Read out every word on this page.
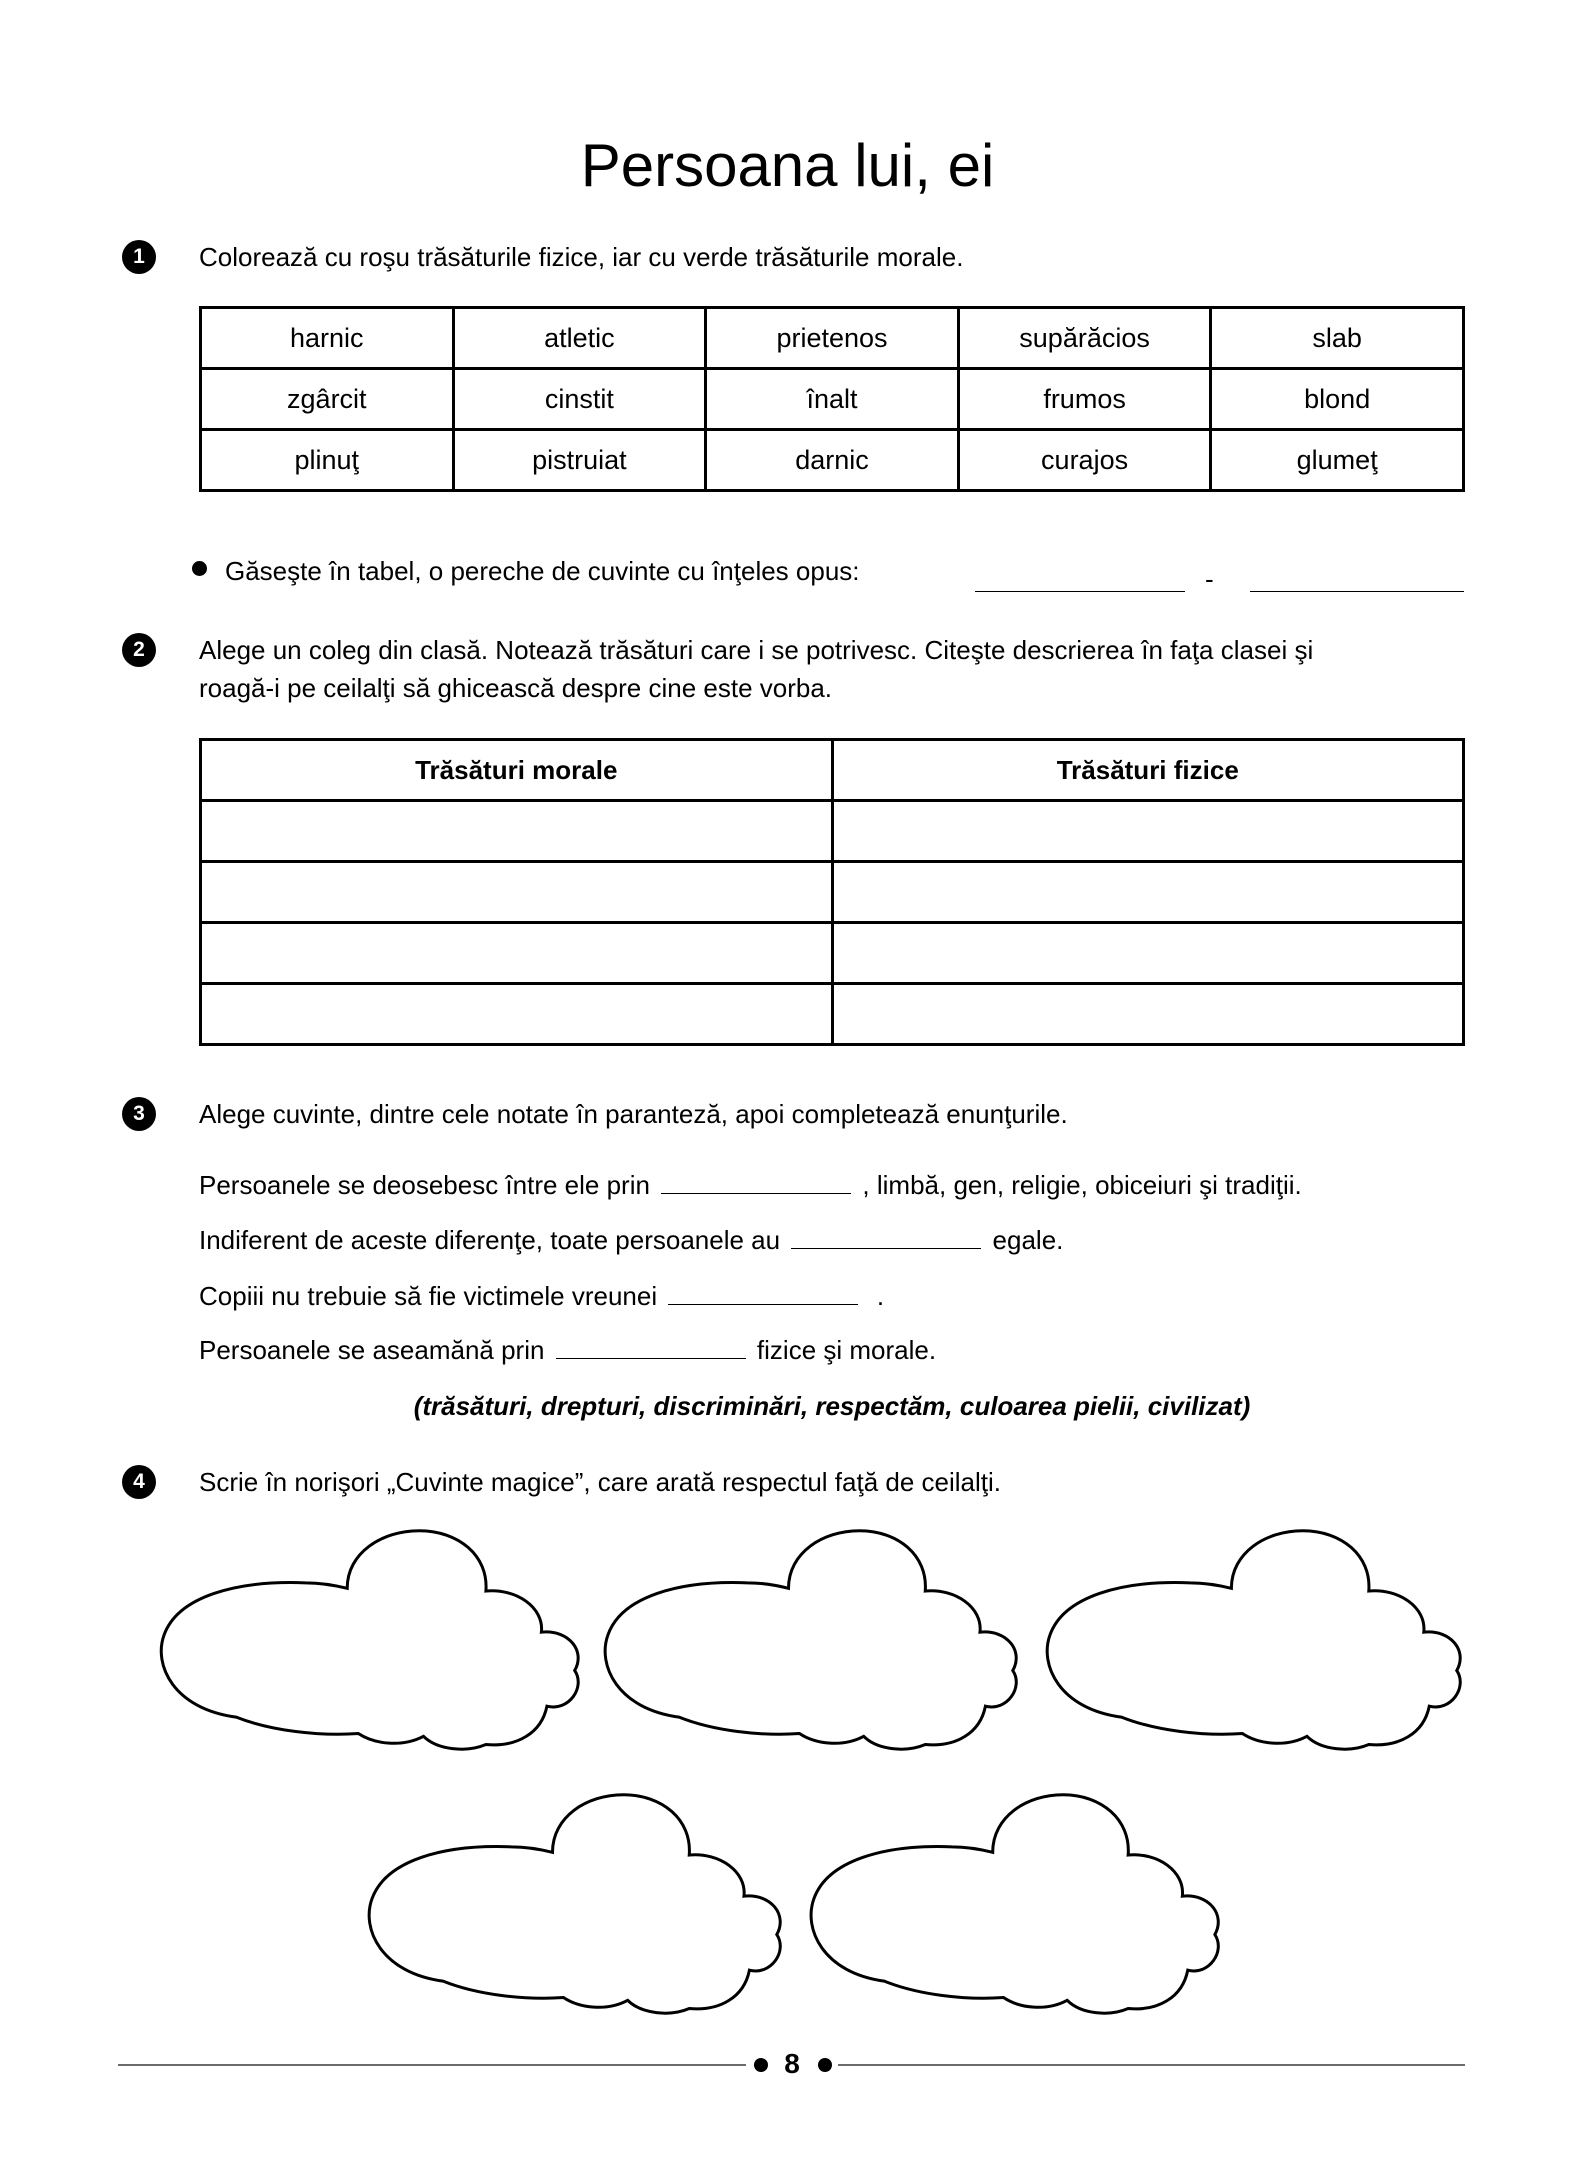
Persoana lui, ei
1	Colorează cu roşu trăsăturile fizice, iar cu verde trăsăturile morale.
harnic	atletic	prietenos	supărăcios	slab
zgârcit	cinstit	înalt	frumos	blond
plinuţ	pistruiat	darnic	curajos	glumeţ
Găseşte în tabel, o pereche de cuvinte cu înţeles opus:	-
2	Alege un coleg din clasă. Notează trăsături care i se potrivesc. Citeşte descrierea în faţa clasei şi
roagă-i pe ceilalţi să ghicească despre cine este vorba.
Trăsături morale	Trăsături fizice

3	Alege cuvinte, dintre cele notate în paranteză, apoi completează enunţurile.
Persoanele se deosebesc între ele prin	, limbă, gen, religie, obiceiuri şi tradiţii.
Indiferent de aceste diferenţe, toate persoanele au	egale.
Copiii nu trebuie să fie victimele vreunei	.
Persoanele se aseamănă prin	fizice şi morale.
(trăsături, drepturi, discriminări, respectăm, culoarea pielii, civilizat)
4	Scrie în norişori „Cuvinte magice”, care arată respectul faţă de ceilalţi.
8
